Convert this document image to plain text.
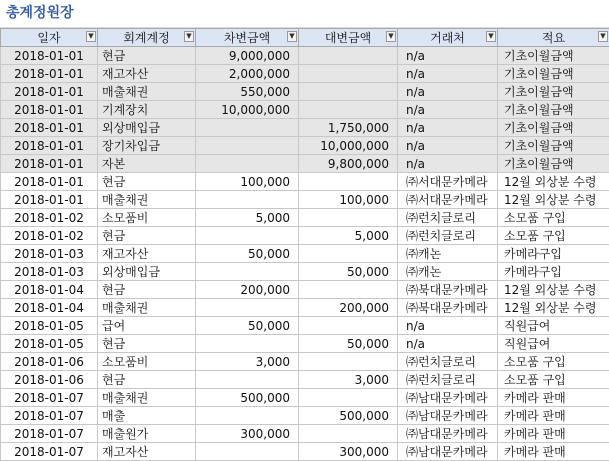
총계정원장
일자 ▼	회계계정 ▼	차변금액 ▼	대변금액 ▼	거래처 ▼	적요 ▼

2018-01-01	현금	9,000,000		n/a	기초이월금액
2018-01-01	재고자산	2,000,000		n/a	기초이월금액
2018-01-01	매출채권	550,000		n/a	기초이월금액
2018-01-01	기계장치	10,000,000		n/a	기초이월금액
2018-01-01	외상매입금		1,750,000	n/a	기초이월금액
2018-01-01	장기차입금		10,000,000	n/a	기초이월금액
2018-01-01	자본		9,800,000	n/a	기초이월금액
2018-01-01	현금	100,000		㈜서대문카메라	12월 외상분 수령
2018-01-01	매출채권		100,000	㈜서대문카메라	12월 외상분 수령
2018-01-02	소모품비	5,000		㈜런치글로리	소모품 구입
2018-01-02	현금		5,000	㈜런치글로리	소모품 구입
2018-01-03	재고자산	50,000		㈜캐논	카메라구입
2018-01-03	외상매입금		50,000	㈜캐논	카메라구입
2018-01-04	현금	200,000		㈜북대문카메라	12월 외상분 수령
2018-01-04	매출채권		200,000	㈜북대문카메라	12월 외상분 수령
2018-01-05	급여	50,000		n/a	직원급여
2018-01-05	현금		50,000	n/a	직원급여
2018-01-06	소모품비	3,000		㈜런치글로리	소모품 구입
2018-01-06	현금		3,000	㈜런치글로리	소모품 구입
2018-01-07	매출채권	500,000		㈜남대문카메라	카메라 판매
2018-01-07	매출		500,000	㈜남대문카메라	카메라 판매
2018-01-07	매출원가	300,000		㈜남대문카메라	카메라 판매
2018-01-07	재고자산		300,000	㈜남대문카메라	카메라 판매
